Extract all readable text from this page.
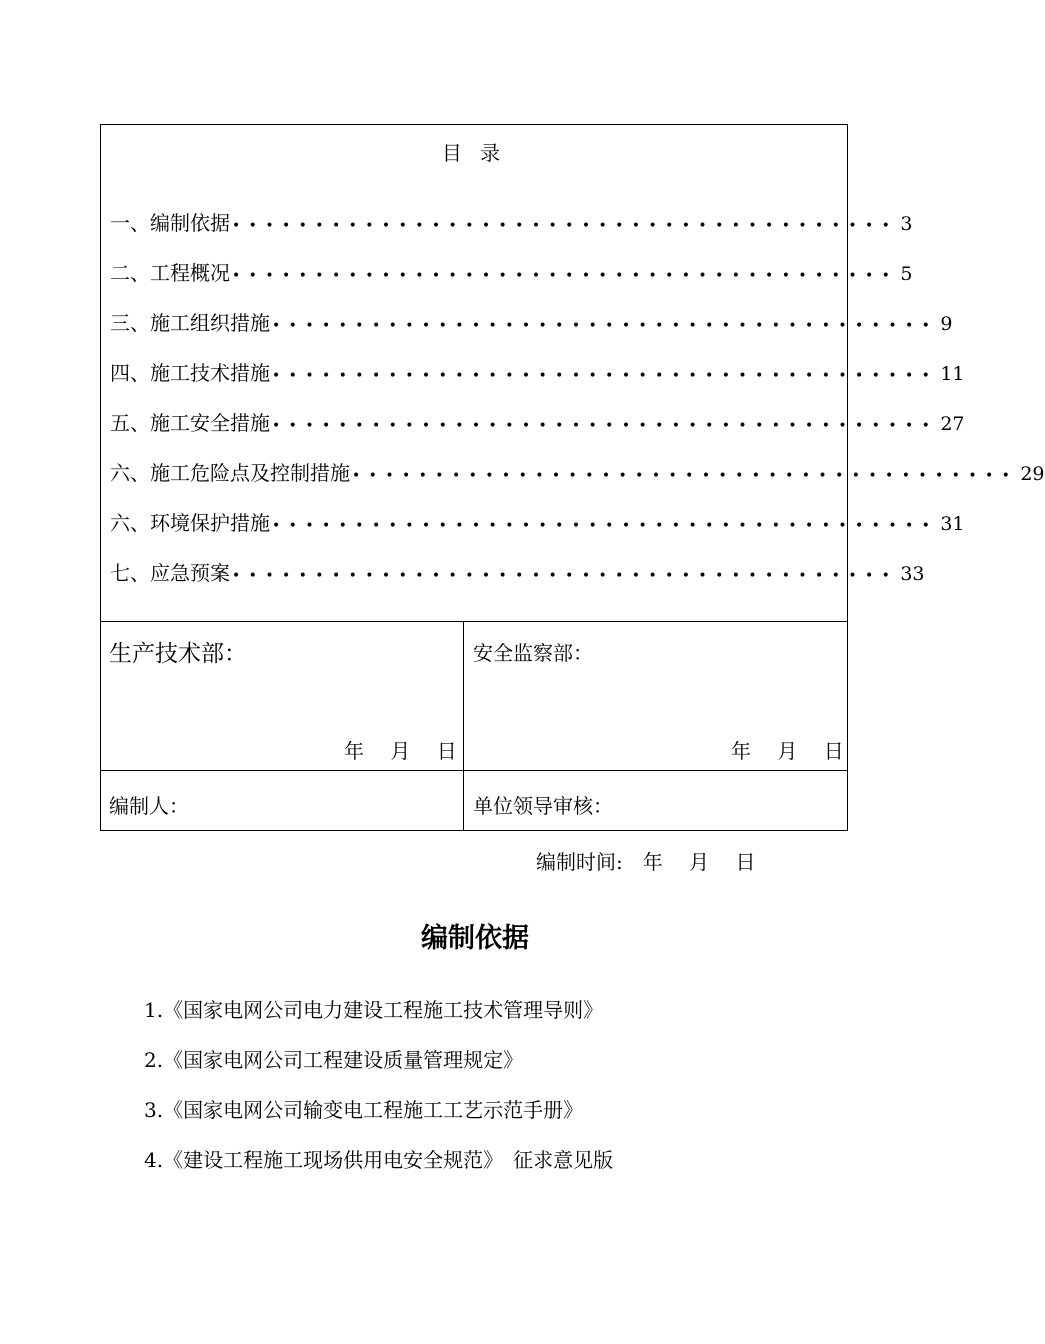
目 录
一、编制依据 •••••••••••••••••••••••••••••••••••••••• 3
二、工程概况 •••••••••••••••••••••••••••••••••••••••• 5
三、施工组织措施 •••••••••••••••••••••••••••••••••••••••• 9
四、施工技术措施 •••••••••••••••••••••••••••••••••••••••• 11
五、施工安全措施 •••••••••••••••••••••••••••••••••••••••• 27
六、施工危险点及控制措施 •••••••••••••••••••••••••••••••••••••••• 29
六、环境保护措施 •••••••••••••••••••••••••••••••••••••••• 31
七、应急预案 •••••••••••••••••••••••••••••••••••••••• 33
生产技术部：	安全监察部：
年　 月　 日	年　 月　 日
编制人：	单位领导审核：
编制时间:　年　 月　 日
编制依据
1.《国家电网公司电力建设工程施工技术管理导则》
2.《国家电网公司工程建设质量管理规定》
3.《国家电网公司输变电工程施工工艺示范手册》
4.《建设工程施工现场供用电安全规范》　征求意见版
